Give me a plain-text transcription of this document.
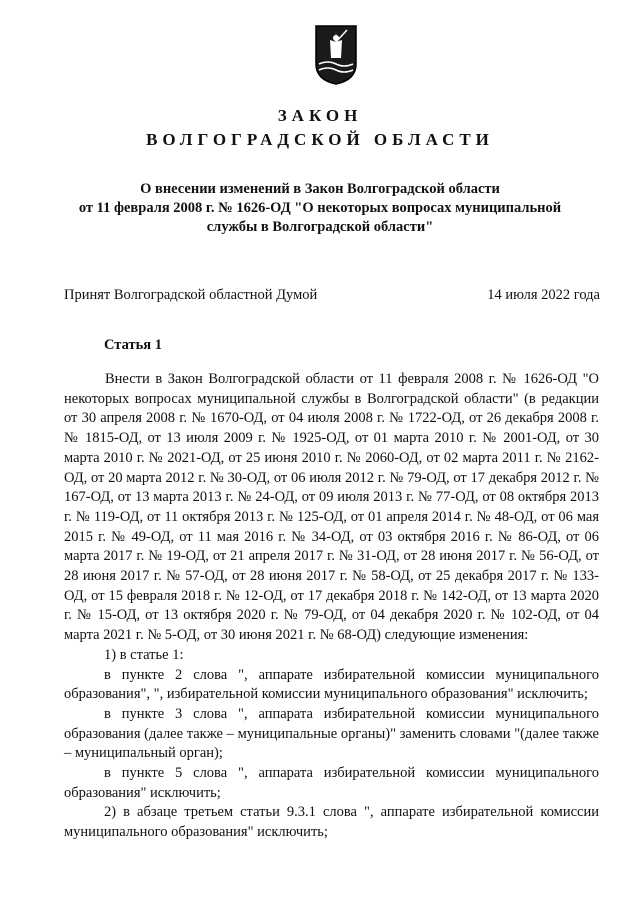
ЗАКОН
ВОЛГОГРАДСКОЙ ОБЛАСТИ
О внесении изменений в Закон Волгоградской области
от 11 февраля 2008 г. № 1626-ОД "О некоторых вопросах муниципальной
службы в Волгоградской области"
Принят Волгоградской областной Думой	14 июля 2022 года
Статья 1

Внести в Закон Волгоградской области от 11 февраля 2008 г. № 1626-ОД "О некоторых вопросах муниципальной службы в Волгоградской области" (в редакции от 30 апреля 2008 г. № 1670-ОД, от 04 июля 2008 г. № 1722-ОД, от 26 декабря 2008 г. № 1815-ОД, от 13 июля 2009 г. № 1925-ОД, от 01 марта 2010 г. № 2001-ОД, от 30 марта 2010 г. № 2021-ОД, от 25 июня 2010 г. № 2060-ОД, от 02 марта 2011 г. № 2162-ОД, от 20 марта 2012 г. № 30-ОД, от 06 июля 2012 г. № 79-ОД, от 17 декабря 2012 г. № 167-ОД, от 13 марта 2013 г. № 24-ОД, от 09 июля 2013 г. № 77-ОД, от 08 октября 2013 г. № 119-ОД, от 11 октября 2013 г. № 125-ОД, от 01 апреля 2014 г. № 48-ОД, от 06 мая 2015 г. № 49-ОД, от 11 мая 2016 г. № 34-ОД, от 03 октября 2016 г. № 86-ОД, от 06 марта 2017 г. № 19-ОД, от 21 апреля 2017 г. № 31-ОД, от 28 июня 2017 г. № 56-ОД, от 28 июня 2017 г. № 57-ОД, от 28 июня 2017 г. № 58-ОД, от 25 декабря 2017 г. № 133-ОД, от 15 февраля 2018 г. № 12-ОД, от 17 декабря 2018 г. № 142-ОД, от 13 марта 2020 г. № 15-ОД, от 13 октября 2020 г. № 79-ОД, от 04 декабря 2020 г. № 102-ОД, от 04 марта 2021 г. № 5-ОД, от 30 июня 2021 г. № 68-ОД) следующие изменения:

1) в статье 1:

в пункте 2 слова ", аппарате избирательной комиссии муниципального образования", ", избирательной комиссии муниципального образования" исключить;

в пункте 3 слова ", аппарата избирательной комиссии муниципального образования (далее также – муниципальные органы)" заменить словами "(далее также – муниципальный орган);

в пункте 5 слова ", аппарата избирательной комиссии муниципального образования" исключить;

2) в абзаце третьем статьи 9.3.1 слова ", аппарате избирательной комиссии муниципального образования" исключить;
